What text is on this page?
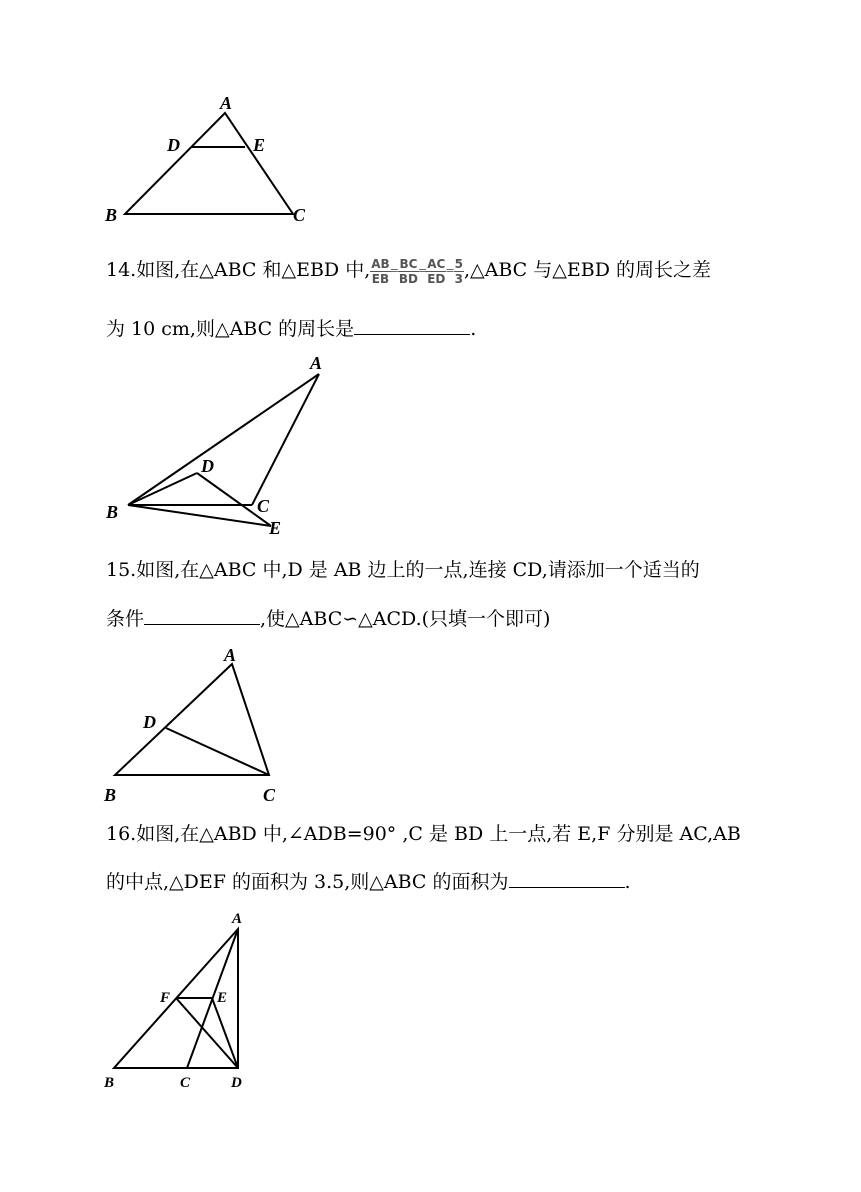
A
D	E
B	C
14.如图,在△ABC 和△EBD 中, $\frac{AB}{EB} = \frac{BC}{BD} = \frac{AC}{ED} = \frac{5}{3}$ ,△ABC 与△EBD 的周长之差
为 10 cm,则△ABC 的周长是	.
A
D
B	C
E
15.如图,在△ABC 中,D 是 AB 边上的一点,连接 CD,请添加一个适当的
条件	,使△ABC∽△ACD.(只填一个即可)
A
D
B	C
16.如图,在△ABD 中,∠ADB=90° ,C 是 BD 上一点,若 E,F 分别是 AC,AB
的中点,△DEF 的面积为 3.5,则△ABC 的面积为	.
A
F	E
B	C	D
